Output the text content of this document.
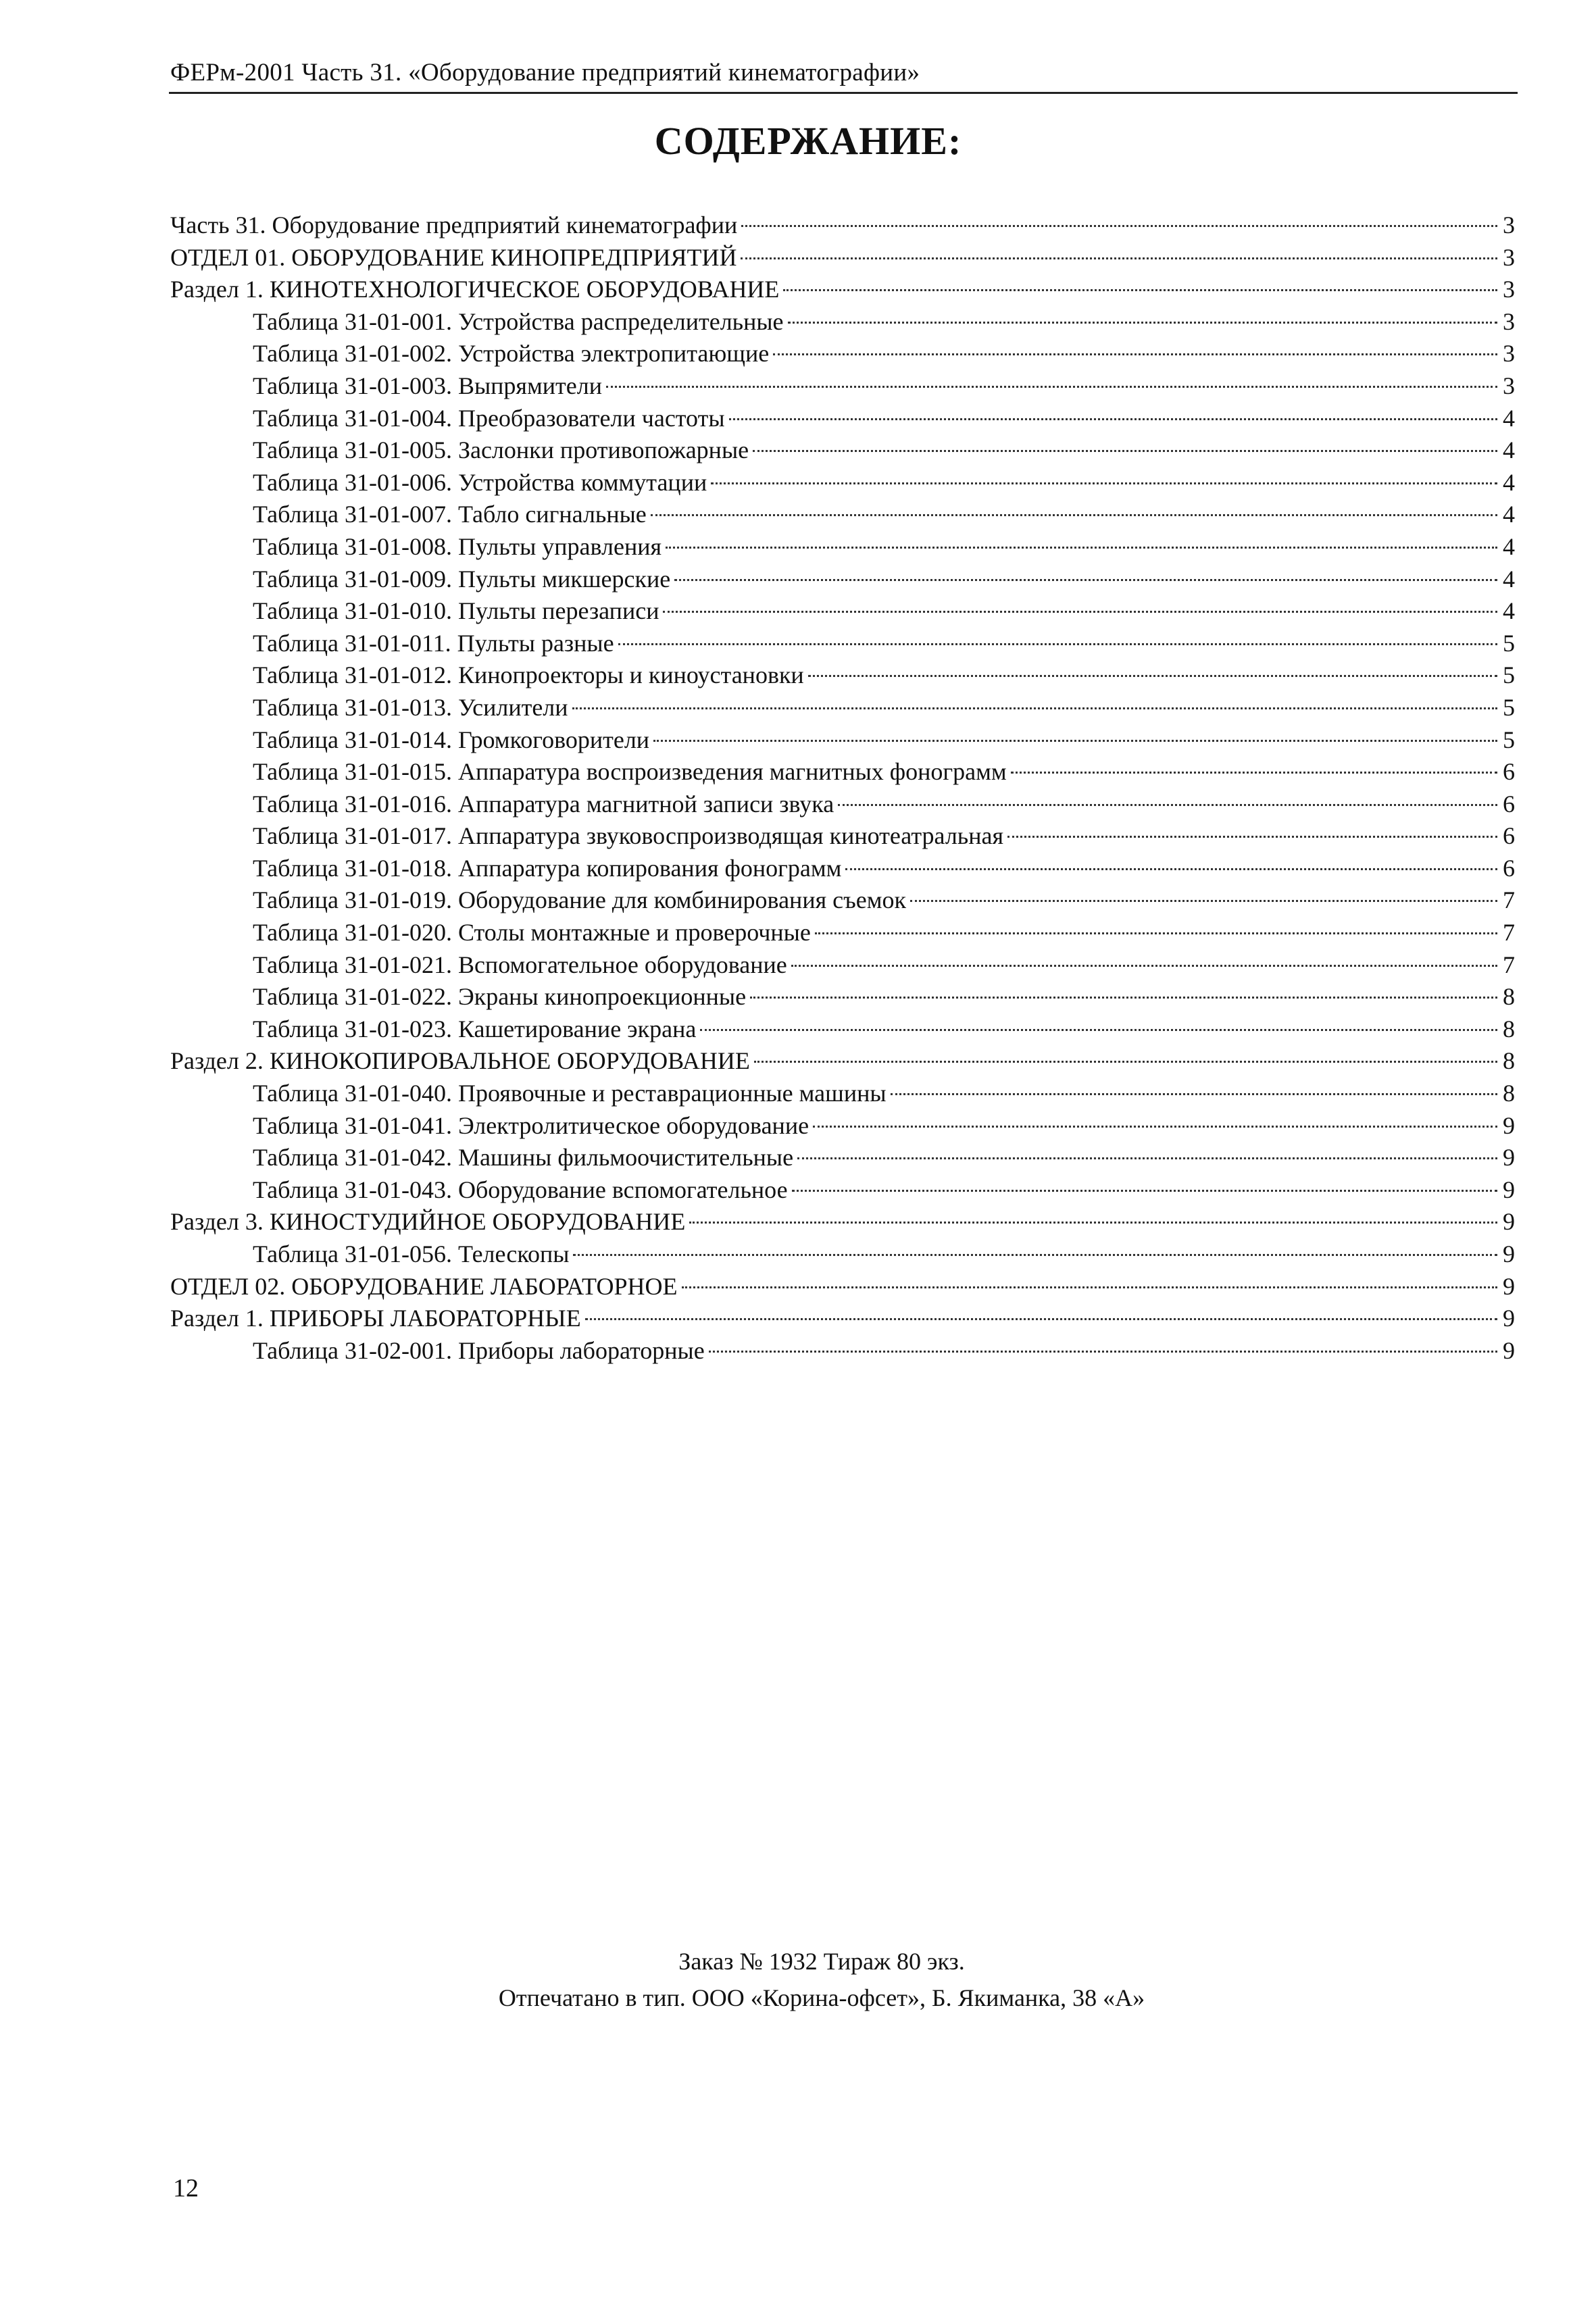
ФЕРм-2001 Часть 31. «Оборудование предприятий кинематографии»
СОДЕРЖАНИЕ:
Часть 31. Оборудование предприятий кинематографии	3
ОТДЕЛ 01. ОБОРУДОВАНИЕ КИНОПРЕДПРИЯТИЙ	3
Раздел 1. КИНОТЕХНОЛОГИЧЕСКОЕ ОБОРУДОВАНИЕ	3
Таблица 31-01-001. Устройства распределительные	3
Таблица 31-01-002. Устройства электропитающие	3
Таблица 31-01-003. Выпрямители	3
Таблица 31-01-004. Преобразователи частоты	4
Таблица 31-01-005. Заслонки противопожарные	4
Таблица 31-01-006. Устройства коммутации	4
Таблица 31-01-007. Табло сигнальные	4
Таблица 31-01-008. Пульты управления	4
Таблица 31-01-009. Пульты микшерские	4
Таблица 31-01-010. Пульты перезаписи	4
Таблица 31-01-011. Пульты разные	5
Таблица 31-01-012. Кинопроекторы и киноустановки	5
Таблица 31-01-013. Усилители	5
Таблица 31-01-014. Громкоговорители	5
Таблица 31-01-015. Аппаратура воспроизведения магнитных фонограмм	6
Таблица 31-01-016. Аппаратура магнитной записи звука	6
Таблица 31-01-017. Аппаратура звуковоспроизводящая кинотеатральная	6
Таблица 31-01-018. Аппаратура копирования фонограмм	6
Таблица 31-01-019. Оборудование для комбинирования съемок	7
Таблица 31-01-020. Столы монтажные и проверочные	7
Таблица 31-01-021. Вспомогательное оборудование	7
Таблица 31-01-022. Экраны кинопроекционные	8
Таблица 31-01-023. Кашетирование экрана	8
Раздел 2. КИНОКОПИРОВАЛЬНОЕ ОБОРУДОВАНИЕ	8
Таблица 31-01-040. Проявочные и реставрационные машины	8
Таблица 31-01-041. Электролитическое оборудование	9
Таблица 31-01-042. Машины фильмоочистительные	9
Таблица 31-01-043. Оборудование вспомогательное	9
Раздел 3. КИНОСТУДИЙНОЕ ОБОРУДОВАНИЕ	9
Таблица 31-01-056. Телескопы	9
ОТДЕЛ 02. ОБОРУДОВАНИЕ ЛАБОРАТОРНОЕ	9
Раздел 1. ПРИБОРЫ ЛАБОРАТОРНЫЕ	9
Таблица 31-02-001. Приборы лабораторные	9
Заказ № 1932 Тираж 80 экз.
Отпечатано в тип. ООО «Корина-офсет», Б. Якиманка, 38 «А»
12
